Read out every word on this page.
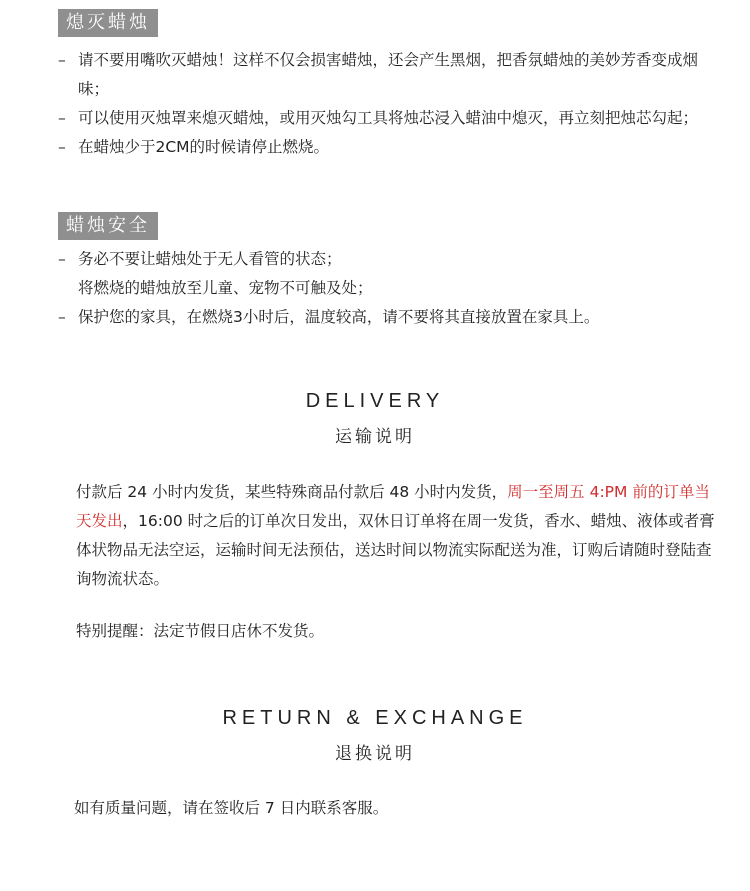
熄灭蜡烛
– 请不要用嘴吹灭蜡烛！这样不仅会损害蜡烛，还会产生黑烟，把香氛蜡烛的美妙芳香变成烟味；
– 可以使用灭烛罩来熄灭蜡烛，或用灭烛勾工具将烛芯浸入蜡油中熄灭，再立刻把烛芯勾起；
– 在蜡烛少于2CM的时候请停止燃烧。
蜡烛安全
– 务必不要让蜡烛处于无人看管的状态；
将燃烧的蜡烛放至儿童、宠物不可触及处；
– 保护您的家具，在燃烧3小时后，温度较高，请不要将其直接放置在家具上。
DELIVERY
运输说明

付款后 24 小时内发货，某些特殊商品付款后 48 小时内发货，周一至周五 4:PM 前的订单当天发出，16:00 时之后的订单次日发出，双休日订单将在周一发货，香水、蜡烛、液体或者膏体状物品无法空运，运输时间无法预估，送达时间以物流实际配送为准，订购后请随时登陆查询物流状态。

特别提醒：法定节假日店休不发货。

RETURN & EXCHANGE
退换说明

如有质量问题，请在签收后 7 日内联系客服。
